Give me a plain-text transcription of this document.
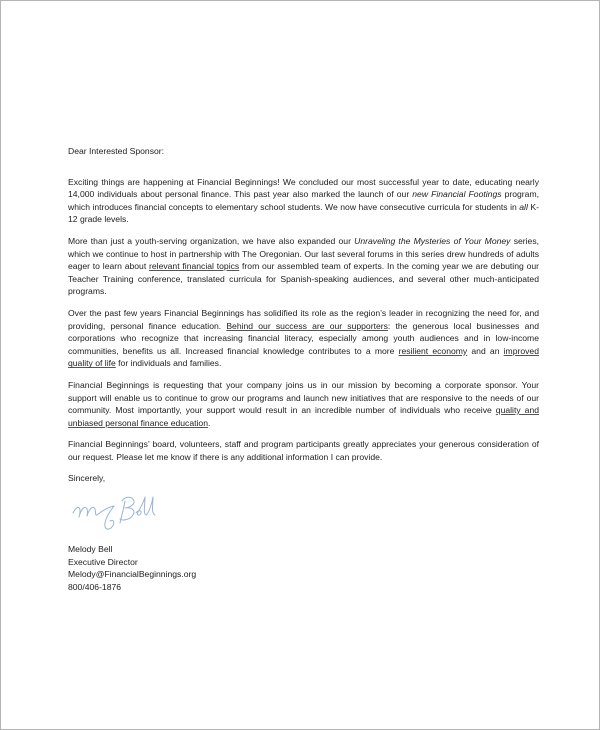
Dear Interested Sponsor:

Exciting things are happening at Financial Beginnings! We concluded our most successful year to date, educating nearly 14,000 individuals about personal finance. This past year also marked the launch of our new Financial Footings program, which introduces financial concepts to elementary school students. We now have consecutive curricula for students in all K-12 grade levels.

More than just a youth-serving organization, we have also expanded our Unraveling the Mysteries of Your Money series, which we continue to host in partnership with The Oregonian. Our last several forums in this series drew hundreds of adults eager to learn about relevant financial topics from our assembled team of experts. In the coming year we are debuting our Teacher Training conference, translated curricula for Spanish-speaking audiences, and several other much-anticipated programs.

Over the past few years Financial Beginnings has solidified its role as the region’s leader in recognizing the need for, and providing, personal finance education. Behind our success are our supporters: the generous local businesses and corporations who recognize that increasing financial literacy, especially among youth audiences and in low-income communities, benefits us all. Increased financial knowledge contributes to a more resilient economy and an improved quality of life for individuals and families.

Financial Beginnings is requesting that your company joins us in our mission by becoming a corporate sponsor. Your support will enable us to continue to grow our programs and launch new initiatives that are responsive to the needs of our community. Most importantly, your support would result in an incredible number of individuals who receive quality and unbiased personal finance education.

Financial Beginnings’ board, volunteers, staff and program participants greatly appreciates your generous consideration of our request. Please let me know if there is any additional information I can provide.

Sincerely,

Melody Bell
Executive Director
Melody@FinancialBeginnings.org
800/406-1876
